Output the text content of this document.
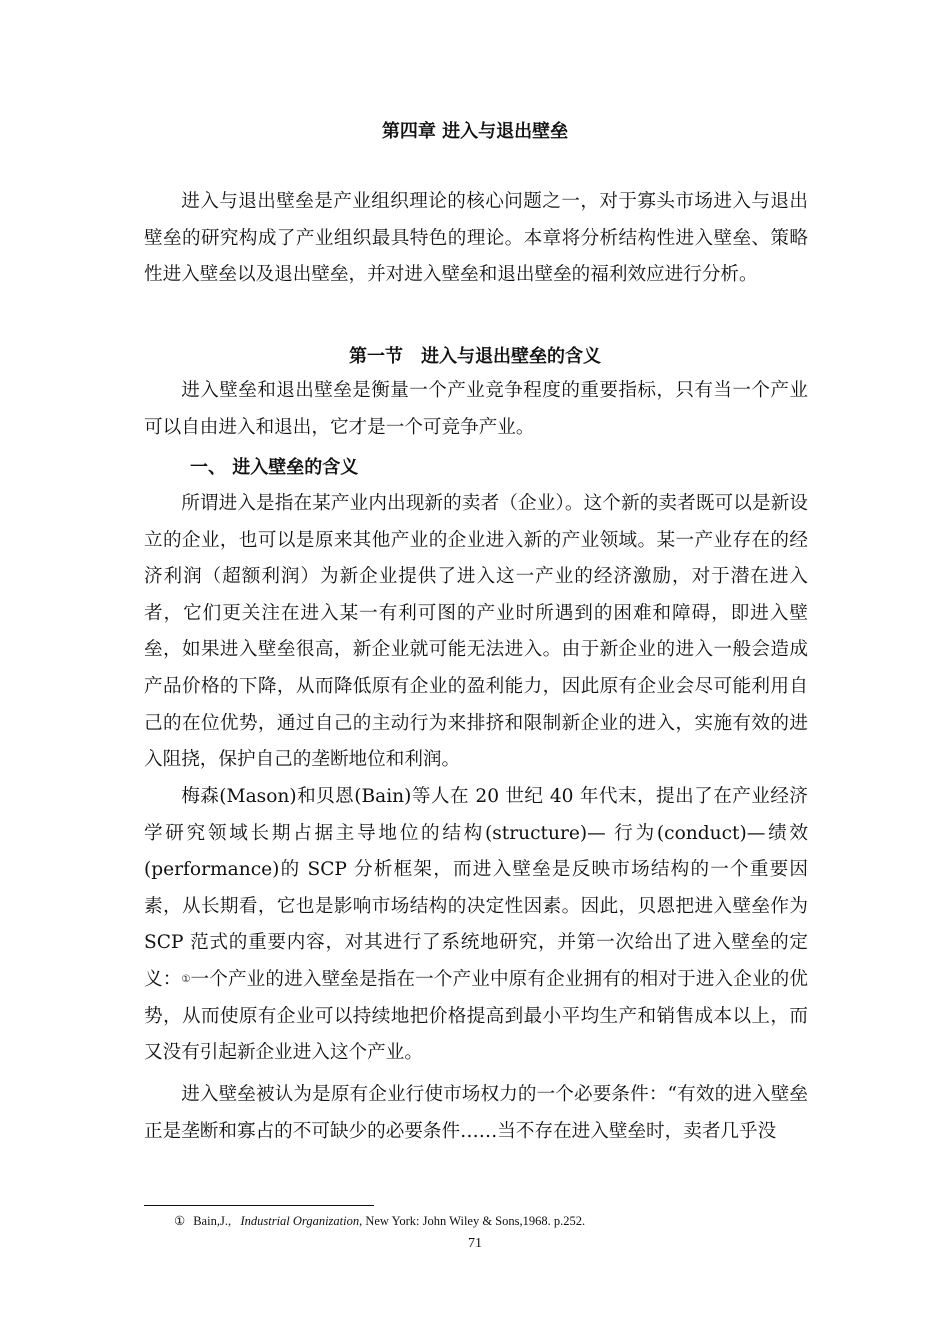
第四章 进入与退出壁垒

进入与退出壁垒是产业组织理论的核心问题之一，对于寡头市场进入与退出壁垒的研究构成了产业组织最具特色的理论。本章将分析结构性进入壁垒、策略性进入壁垒以及退出壁垒，并对进入壁垒和退出壁垒的福利效应进行分析。

第一节　进入与退出壁垒的含义

进入壁垒和退出壁垒是衡量一个产业竞争程度的重要指标，只有当一个产业可以自由进入和退出，它才是一个可竞争产业。

一、 进入壁垒的含义

所谓进入是指在某产业内出现新的卖者（企业）。这个新的卖者既可以是新设立的企业，也可以是原来其他产业的企业进入新的产业领域。某一产业存在的经济利润（超额利润）为新企业提供了进入这一产业的经济激励，对于潜在进入者，它们更关注在进入某一有利可图的产业时所遇到的困难和障碍，即进入壁垒，如果进入壁垒很高，新企业就可能无法进入。由于新企业的进入一般会造成产品价格的下降，从而降低原有企业的盈利能力，因此原有企业会尽可能利用自己的在位优势，通过自己的主动行为来排挤和限制新企业的进入，实施有效的进入阻挠，保护自己的垄断地位和利润。

梅森(Mason)和贝恩(Bain)等人在 20 世纪 40 年代末，提出了在产业经济学研究领域长期占据主导地位的结构(structure)— 行为(conduct)—绩效(performance)的 SCP 分析框架，而进入壁垒是反映市场结构的一个重要因素，从长期看，它也是影响市场结构的决定性因素。因此，贝恩把进入壁垒作为 SCP 范式的重要内容，对其进行了系统地研究，并第一次给出了进入壁垒的定义：①一个产业的进入壁垒是指在一个产业中原有企业拥有的相对于进入企业的优势，从而使原有企业可以持续地把价格提高到最小平均生产和销售成本以上，而又没有引起新企业进入这个产业。

进入壁垒被认为是原有企业行使市场权力的一个必要条件：“有效的进入壁垒正是垄断和寡占的不可缺少的必要条件……当不存在进入壁垒时，卖者几乎没

① Bain,J., Industrial Organization, New York: John Wiley & Sons,1968. p.252.
71
